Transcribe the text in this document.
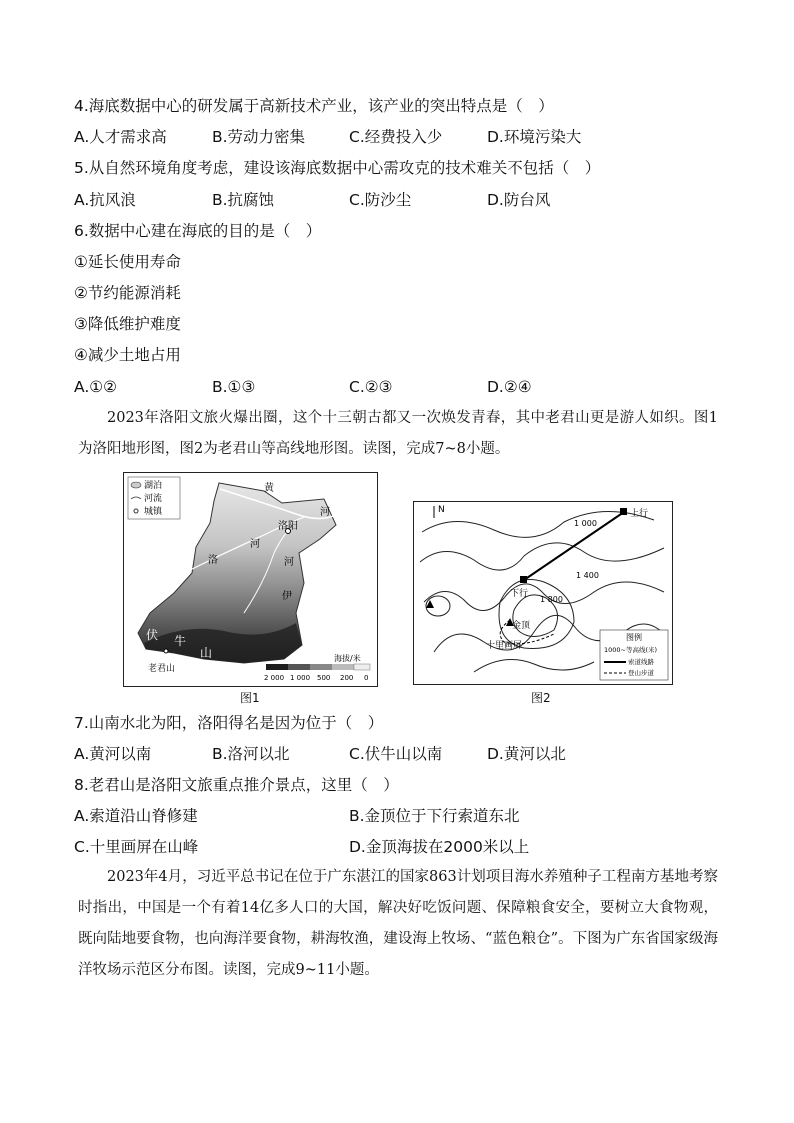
4.海底数据中心的研发属于高新技术产业，该产业的突出特点是（　）
A.人才需求高	B.劳动力密集	C.经费投入少	D.环境污染大
5.从自然环境角度考虑，建设该海底数据中心需攻克的技术难关不包括（　）
A.抗风浪	B.抗腐蚀	C.防沙尘	D.防台风
6.数据中心建在海底的目的是（　）
①延长使用寿命
②节约能源消耗
③降低维护难度
④减少土地占用
A.①②	B.①③	C.②③	D.②④

2023年洛阳文旅火爆出圈，这个十三朝古都又一次焕发青春，其中老君山更是游人如织。图1为洛阳地形图，图2为老君山等高线地形图。读图，完成7~8小题。

黄
河
洛阳
洛
河
河
伊
伏 牛
山
老君山
湖泊
河流
城镇
海拔/米
2 000 1 000 500 200 0
图1
N	上行
下行
金顶
十里画屏
1 000
1 400
1 800
图例
1000~等高线(米)
索道线路
登山步道
图2
7.山南水北为阳，洛阳得名是因为位于（　）
A.黄河以南	B.洛河以北	C.伏牛山以南	D.黄河以北
8.老君山是洛阳文旅重点推介景点，这里（　）
A.索道沿山脊修建	B.金顶位于下行索道东北
C.十里画屏在山峰	D.金顶海拔在2000米以上

2023年4月，习近平总书记在位于广东湛江的国家863计划项目海水养殖种子工程南方基地考察时指出，中国是一个有着14亿多人口的大国，解决好吃饭问题、保障粮食安全，要树立大食物观，既向陆地要食物，也向海洋要食物，耕海牧渔，建设海上牧场、“蓝色粮仓”。下图为广东省国家级海洋牧场示范区分布图。读图，完成9~11小题。
